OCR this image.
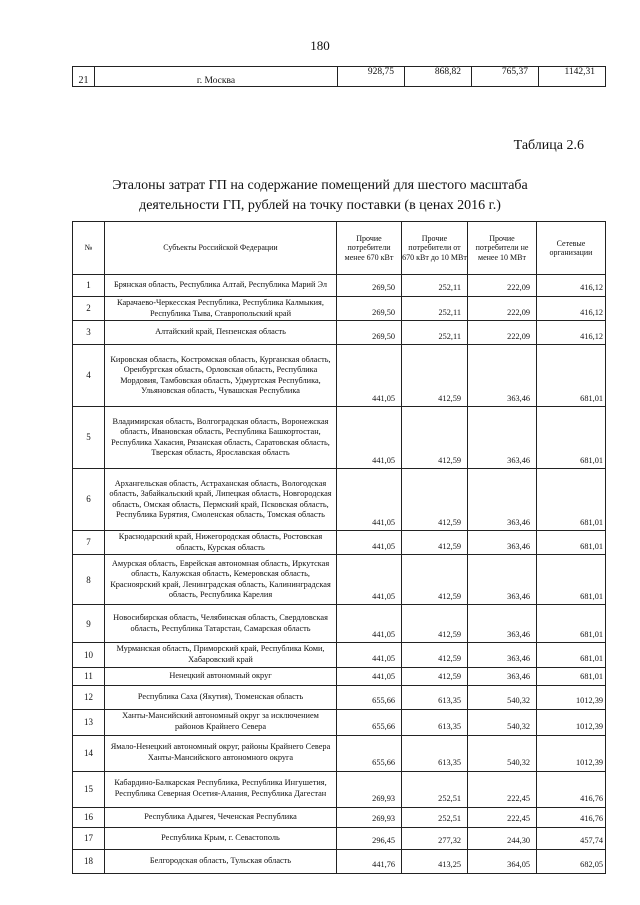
180
21	г. Москва	928,75	868,82	765,37	1142,31
Таблица 2.6
Эталоны затрат ГП на содержание помещений для шестого масштаба
деятельности ГП, рублей на точку поставки (в ценах 2016 г.)
№	Субъекты Российской Федерации	Прочие потребители менее 670 кВт	Прочие потребители от 670 кВт до 10 МВт	Прочие потребители не менее 10 МВт	Сетевые организации
1	Брянская область, Республика Алтай, Республика Марий Эл	269,50	252,11	222,09	416,12
2	Карачаево-Черкесская Республика, Республика Калмыкия, Республика Тыва, Ставропольский край	269,50	252,11	222,09	416,12
3	Алтайский край, Пензенская область	269,50	252,11	222,09	416,12
4	Кировская область, Костромская область, Курганская область, Оренбургская область, Орловская область, Республика Мордовия, Тамбовская область, Удмуртская Республика, Ульяновская область, Чувашская Республика	441,05	412,59	363,46	681,01
5	Владимирская область, Волгоградская область, Воронежская область, Ивановская область, Республика Башкортостан, Республика Хакасия, Рязанская область, Саратовская область, Тверская область, Ярославская область	441,05	412,59	363,46	681,01
6	Архангельская область, Астраханская область, Вологодская область, Забайкальский край, Липецкая область, Новгородская область, Омская область, Пермский край, Псковская область, Республика Бурятия, Смоленская область, Томская область	441,05	412,59	363,46	681,01
7	Краснодарский край, Нижегородская область, Ростовская область, Курская область	441,05	412,59	363,46	681,01
8	Амурская область, Еврейская автономная область, Иркутская область, Калужская область, Кемеровская область, Красноярский край, Ленинградская область, Калининградская область, Республика Карелия	441,05	412,59	363,46	681,01
9	Новосибирская область, Челябинская область, Свердловская область, Республика Татарстан, Самарская область	441,05	412,59	363,46	681,01
10	Мурманская область, Приморский край, Республика Коми, Хабаровский край	441,05	412,59	363,46	681,01
11	Ненецкий автономный округ	441,05	412,59	363,46	681,01
12	Республика Саха (Якутия), Тюменская область	655,66	613,35	540,32	1012,39
13	Ханты-Мансийский автономный округ за исключением районов Крайнего Севера	655,66	613,35	540,32	1012,39
14	Ямало-Ненецкий автономный округ, районы Крайнего Севера Ханты-Мансийского автономного округа	655,66	613,35	540,32	1012,39
15	Кабардино-Балкарская Республика, Республика Ингушетия, Республика Северная Осетия-Алания, Республика Дагестан	269,93	252,51	222,45	416,76
16	Республика Адыгея, Чеченская Республика	269,93	252,51	222,45	416,76
17	Республика Крым, г. Севастополь	296,45	277,32	244,30	457,74
18	Белгородская область, Тульская область	441,76	413,25	364,05	682,05
